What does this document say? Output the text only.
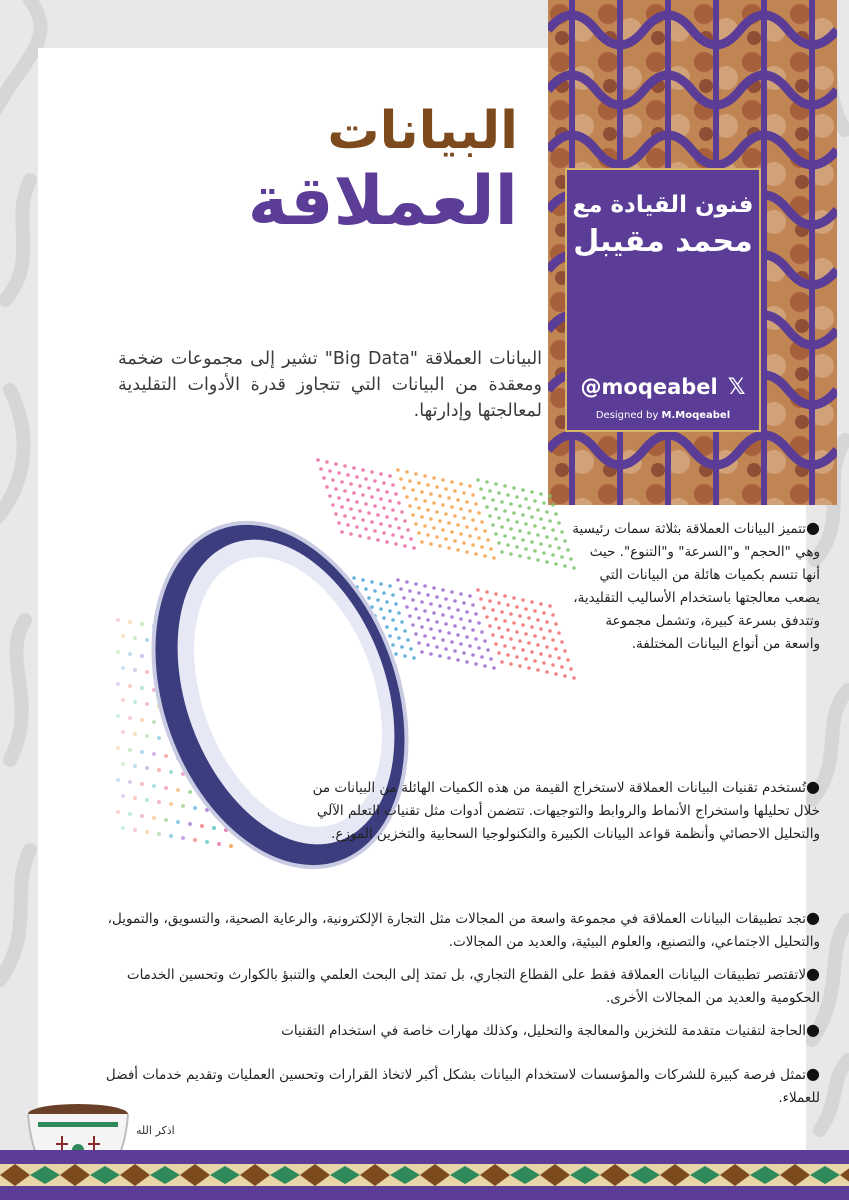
فنون القيادة مع
محمد مقيبل
𝕏
@moqeabel
Designed by M.Moqeabel
البيانات
العملاقة
البيانات العملاقة "Big Data" تشير إلى مجموعات ضخمة ومعقدة من البيانات التي تتجاوز قدرة الأدوات التقليدية لمعالجتها وإدارتها.
●تتميز البيانات العملاقة بثلاثة سمات رئيسية وهي "الحجم" و"السرعة" و"التنوع". حيث أنها تتسم بكميات هائلة من البيانات التي يصعب معالجتها باستخدام الأساليب التقليدية، وتتدفق بسرعة كبيرة، وتشمل مجموعة واسعة من أنواع البيانات المختلفة.
●تُستخدم تقنيات البيانات العملاقة لاستخراج القيمة من هذه الكميات الهائلة من البيانات من خلال تحليلها واستخراج الأنماط والروابط والتوجيهات. تتضمن أدوات مثل تقنيات التعلم الآلي والتحليل الاحصائي وأنظمة قواعد البيانات الكبيرة والتكنولوجيا السحابية والتخزين الموزع.
●تجد تطبيقات البيانات العملاقة في مجموعة واسعة من المجالات مثل التجارة الإلكترونية، والرعاية الصحية، والتسويق، والتمويل، والتحليل الاجتماعي، والتصنيع، والعلوم البيئية، والعديد من المجالات.
●لاتقتصر تطبيقات البيانات العملاقة فقط على القطاع التجاري، بل تمتد إلى البحث العلمي والتنبؤ بالكوارث وتحسين الخدمات الحكومية والعديد من المجالات الأخرى.
●الحاجة لتقنيات متقدمة للتخزين والمعالجة والتحليل، وكذلك مهارات خاصة في استخدام التقنيات
●تمثل فرصة كبيرة للشركات والمؤسسات لاستخدام البيانات بشكل أكبر لاتخاذ القرارات وتحسين العمليات وتقديم خدمات أفضل للعملاء.
اذكر الله
